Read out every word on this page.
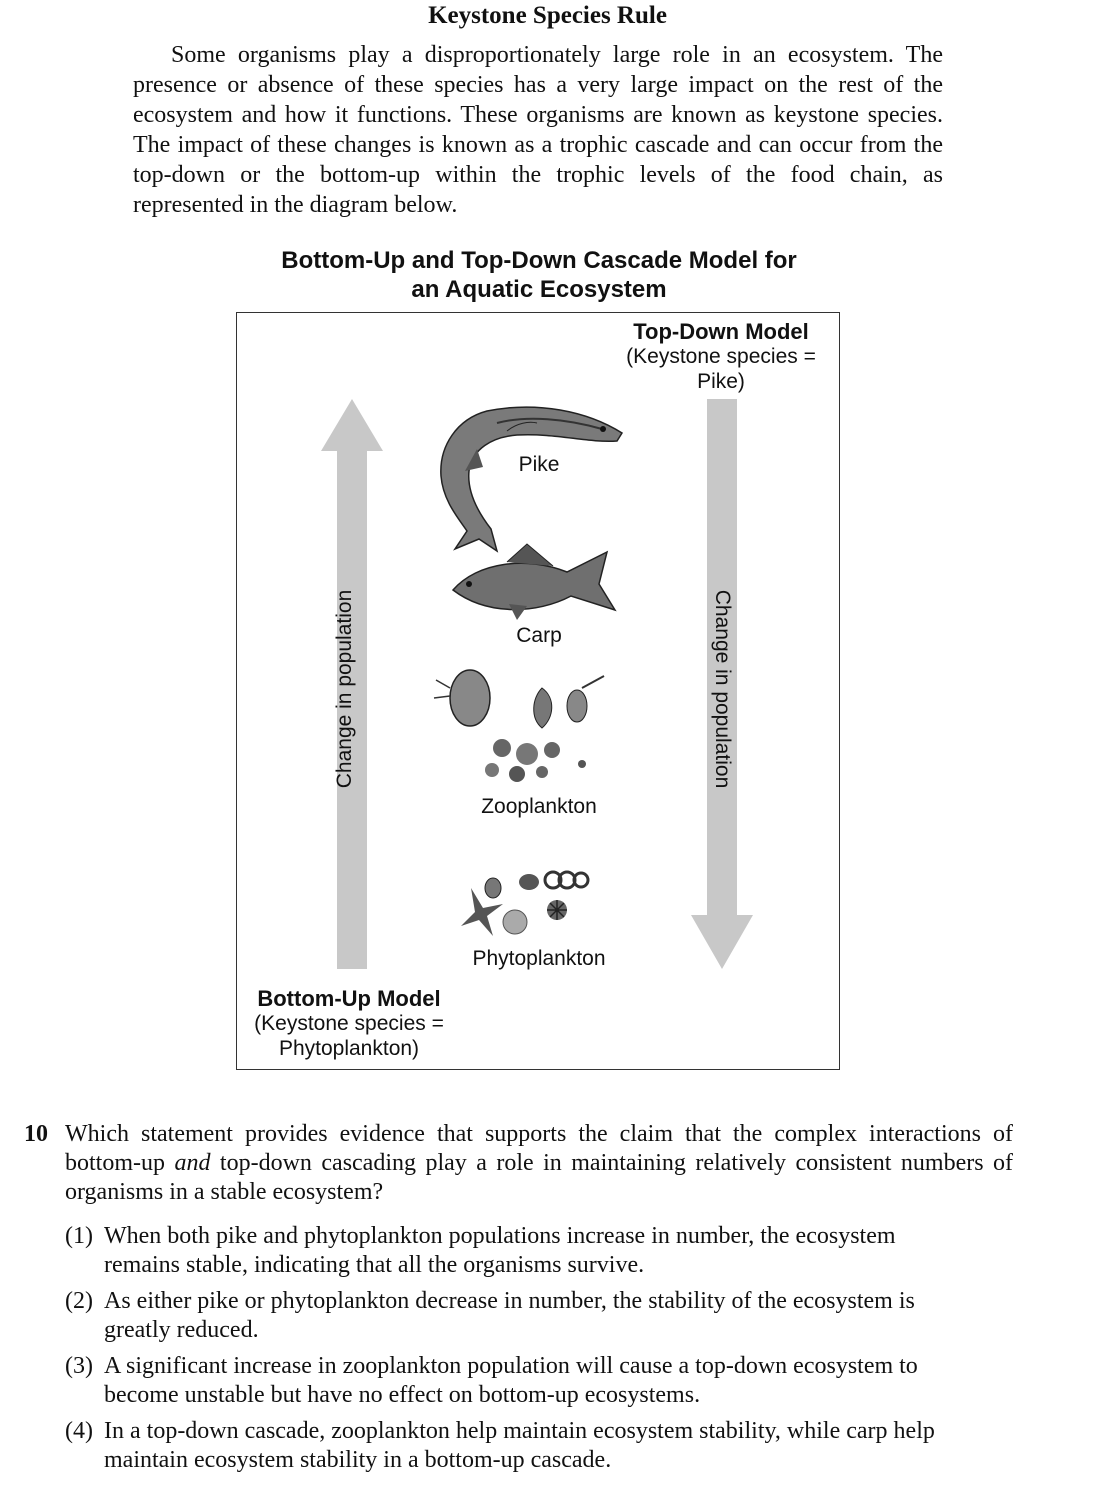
Keystone Species Rule

Some organisms play a disproportionately large role in an ecosystem. The presence or absence of these species has a very large impact on the rest of the ecosystem and how it functions. These organisms are known as keystone species. The impact of these changes is known as a trophic cascade and can occur from the top-down or the bottom-up within the trophic levels of the food chain, as represented in the diagram below.

Bottom-Up and Top-Down Cascade Model for
an Aquatic Ecosystem
Top-Down Model
(Keystone species =
Pike)
Change in population	Change in population
Pike
Carp
Zooplankton
Phytoplankton
Bottom-Up Model
(Keystone species =
Phytoplankton)
10 Which statement provides evidence that supports the claim that the complex interactions of bottom-up and top-down cascading play a role in maintaining relatively consistent numbers of organisms in a stable ecosystem?
(1) When both pike and phytoplankton populations increase in number, the ecosystem remains stable, indicating that all the organisms survive.
(2) As either pike or phytoplankton decrease in number, the stability of the ecosystem is greatly reduced.
(3) A significant increase in zooplankton population will cause a top-down ecosystem to become unstable but have no effect on bottom-up ecosystems.
(4) In a top-down cascade, zooplankton help maintain ecosystem stability, while carp help maintain ecosystem stability in a bottom-up cascade.
